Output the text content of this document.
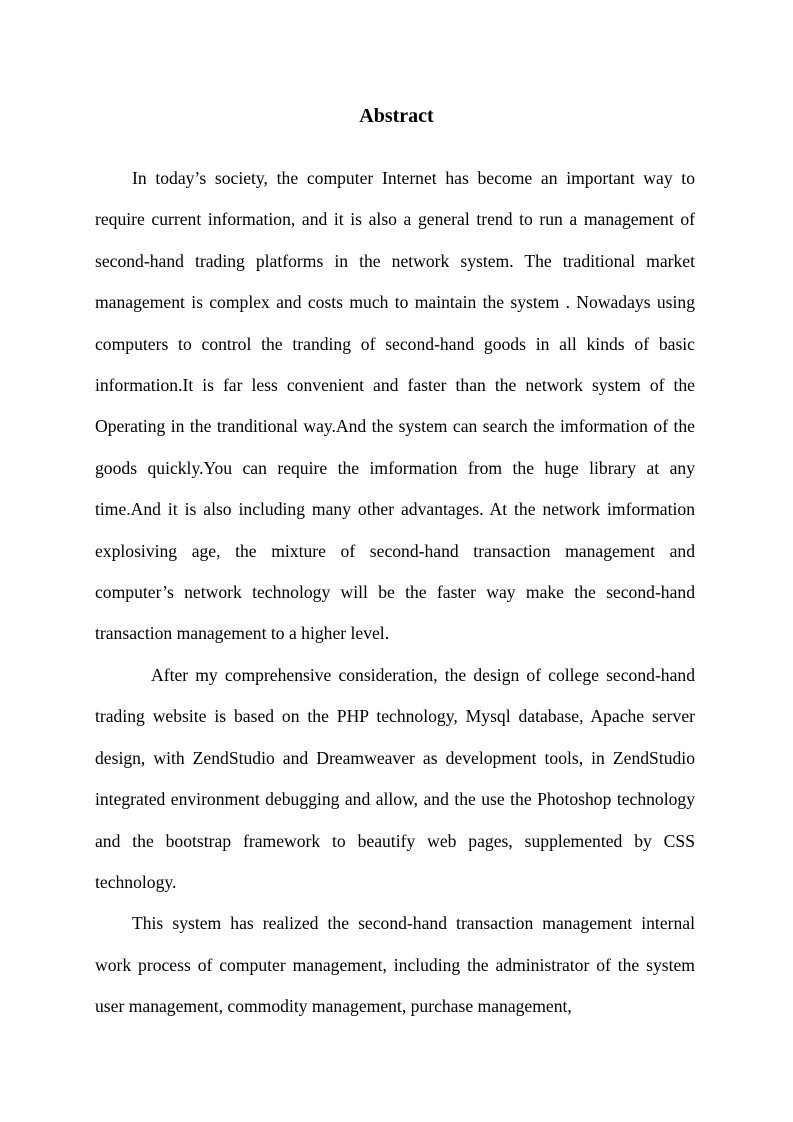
Abstract

In today’s society, the computer Internet has become an important way to require current information, and it is also a general trend to run a management of second-hand trading platforms in the network system. The traditional market management is complex and costs much to maintain the system . Nowadays using computers to control the tranding of second-hand goods in all kinds of basic information.It is far less convenient and faster than the network system of the Operating in the tranditional way.And the system can search the imformation of the goods quickly.You can require the imformation from the huge library at any time.And it is also including many other advantages. At the network imformation explosiving age, the mixture of second-hand transaction management and computer’s network technology will be the faster way make the second-hand transaction management to a higher level.

After my comprehensive consideration, the design of college second-hand trading website is based on the PHP technology, Mysql database, Apache server design, with ZendStudio and Dreamweaver as development tools, in ZendStudio integrated environment debugging and allow, and the use the Photoshop technology and the bootstrap framework to beautify web pages, supplemented by CSS technology.

This system has realized the second-hand transaction management internal work process of computer management, including the administrator of the system user management, commodity management, purchase management,
